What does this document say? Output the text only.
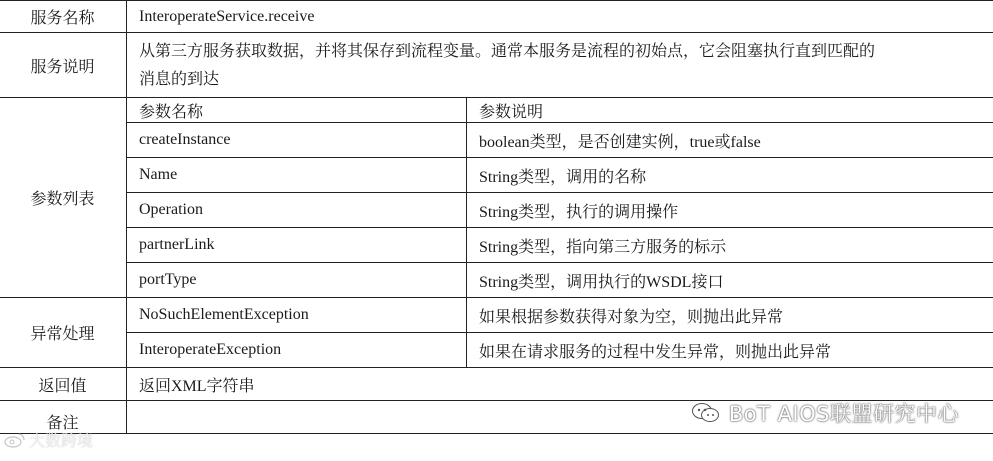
服务名称	InteroperateService.receive	
服务说明	从第三方服务获取数据，并将其保存到流程变量。通常本服务是流程的初始点，它会阻塞执行直到匹配的
消息的到达	

参数列表	参数名称	参数说明
	createInstance	boolean类型，是否创建实例，true或false
	Name	String类型，调用的名称
	Operation	String类型，执行的调用操作
	partnerLink	String类型，指向第三方服务的标示
	portType	String类型，调用执行的WSDL接口
异常处理	NoSuchElementException	如果根据参数获得对象为空，则抛出此异常
	InteroperateException	如果在请求服务的过程中发生异常，则抛出此异常
返回值	返回XML字符串	
备注			BoT AIOS联盟研究中心
大数跨境
